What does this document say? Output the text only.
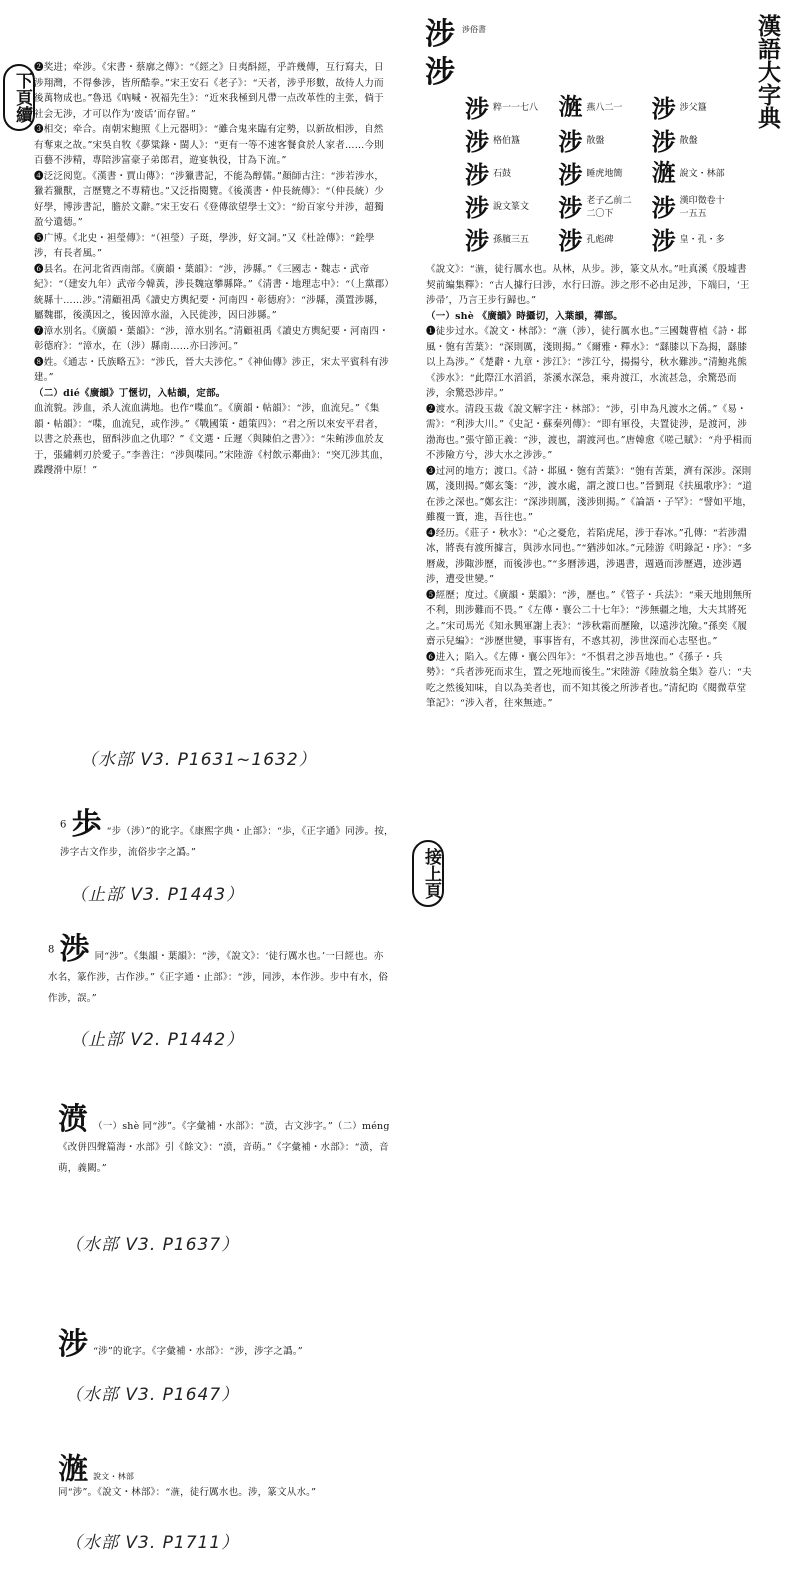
漢語大字典
下頁續
接上頁
❷奖进；牵涉。《宋書・蔡廓之傳》：“《經之》日夷酙經，乎許幾傳，互行寫夫，日涉翔灣，不得參涉，皆所酷拳。”宋王安石《老子》：“天者，涉乎形數，故待人力而後萬物成也。”魯迅《吶喊・祝福先生》：“近來我極到凡帶一点改革性的主张，倘于社会无涉，才可以作为‘废话’而存留。”
❸相交；牵合。南朝宋鮑照《上元器明》：“雖合鬼来臨有定勢，以新故相涉，自然有奪束之故。”宋吳自牧《夢粱錄・閩人》：“更有一等不速客餐食於人家者……今則百藝不涉精，專陪涉富豪子弟郎君，遊宴執役，甘為下流。”
❹泛泛阅览。《漢書・賈山傳》：“涉獵書記，不能為醇儒。”顏師古注：“涉若涉水，獵若獵獸，言歷覽之不專精也。”又泛指閱覽。《後漢書・仲長統傳》：“（仲長統）少好學，博涉書記，膽於文辭。”宋王安石《登傳欲望學士文》：“紛百家兮并涉，超獨盈兮遺德。”
❺广博。《北史・袒瑩傳》：“（袒瑩）子珽，學涉，好文詞。”又《杜詮傳》：“銓學涉，有長者風。”
❻县名。在河北省西南部。《廣韻・葉韻》：“涉，涉縣。”《三國志・魏志・武帝紀》：“（建安九年）武帝今韓黃，涉長魏寇攀縣降。”《清書・地理志中》：“（上黨郡）統縣十……涉。”清顧祖禹《讀史方輿紀要・河南四・彰德府》：“涉縣，漢置涉縣，屬魏郡，後漢因之，後因漳水溢，入民徙涉，因曰涉縣。”
❼漳水别名。《廣韻・葉韻》：“涉，漳水别名。”清顧祖禹《讀史方輿紀要・河南四・彰德府》：“漳水，在（涉）縣南……亦曰涉河。”
❽姓。《通志・氏族略五》：“涉氏，晉大夫涉佗。”《神仙傳》涉正，宋太平賓科有涉建。”
（二）dié《廣韻》丁愜切，入帖韻，定部。
血流貌。涉血，杀人流血满地。也作“喋血”。《廣韻・帖韻》：“涉，血流兒。”《集韻・帖韻》：“喋，血流兒，或作涉。”《戰國策・趙策四》：“君之所以來安平君者，以書之於燕也，留酙涉血之仇耶？”《文選・丘遲〈與陳伯之書〉》：“朱鲔涉血於友于，張繡刺刃於愛子。”李善注：“涉與喋同。”宋陸游《村飲示鄰曲》：“突兀涉其血，蹀躞滑中原！”
（水部 V3. P1631~1632）
$^6$ 歩 “步（涉）”的讹字。《康熙字典・止部》：“歩，《正字通》同涉。按，涉字古文作步，流俗步字之譌。”
（止部 V3. P1443）
$^8$ 渉 同“涉”。《集韻・葉韻》：“涉，《說文》：‘徒行厲水也。’一曰經也。亦水名，篆作涉，古作涉。”《正字通・止部》：“涉，同涉，本作涉。步中有水，俗作涉，誤。”
（止部 V2. P1442）
𣸣 （一）shè 同“涉”。《字彙補・水部》：“𣸣，古文涉字。”（二）méng 《改併四聲篇海・水部》引《餘文》：“𣸣，音萌。”《字彙補・水部》：“𣸣，音萌，義闕。”
（水部 V3. P1637）
涉 “涉”的讹字。《字彙補・水部》：“涉，涉字之譌。”
（水部 V3. P1647）
𣻓 說文・林部
同“涉”。《說文・林部》：“𣻓，徒行厲水也。涉，篆文从水。”
（水部 V3. P1711）
涉
涉
涉俗書
涉 粹一一七八 𣻓 燕八二一	涉 涉父簋
涉 格伯簋	涉 散盤	涉 散盤
涉 石鼓	涉 睡虎地簡	𣻓 說文・林部
涉 說文篆文	涉 老子乙前二二〇下	涉 漢印徵卷十一五五
涉 孫臏三五	涉 孔彪碑	涉 皇・孔・多
《說文》：“𣻓，徒行厲水也。从林，从步。涉，篆文从水。”吐真溪《殷墟書契前編集釋》：“古人據行曰涉，水行曰游。涉之形不必由足涉，下端曰，‘王涉帚’，乃言王步行歸也。”
（一）shè 《廣韻》時攝切，入葉韻，禪部。
❶徒步过水。《說文・林部》：“𣻓（涉），徒行厲水也。”三國魏曹植《詩・邶風・匏有苦葉》：“深則厲，淺則揭。”《爾雅・釋水》：“繇膝以下為揭，繇膝以上為涉。”《楚辭・九章・涉江》：“涉江兮，揚揚兮，秋水難涉。”清鮑兆熊《涉水》：“此際江水滔滔，茶溪水深急，乘舟渡江，水流甚急，余驚恐而涉，余驚恐涉岸。”
❷渡水。清段玉裁《說文解字注・林部》：“涉，引申為凡渡水之偁。”《易・需》：“利涉大川。”《史記・蘇秦列傳》：“即有軍役，夫置徒涉，是渡河，涉渤海也。”張守節正義：“涉，渡也，謂渡河也。”唐韓愈《嗟己賦》：“舟乎楫而不涉險方兮，涉大水之涉涉。”
❸过河的地方；渡口。《詩・邶風・匏有苦葉》：“匏有苦葉，濟有深涉。深則厲，淺則揭。”鄭玄箋：“涉，渡水處，謂之渡口也。”晉劉琨《扶風歌序》：“道在涉之深也。”鄭玄注：“深涉則厲，淺涉則揭。”《論語・子罕》：“譬如平地，雖覆一簣，進，吾往也。”
❹经历。《莊子・秋水》：“心之憂危，若陷虎尾，涉于春冰。”孔傳：“若涉淵冰，將喪有渡所據言，與涉水同也。”“猶涉如冰。”元陸游《明錄記・序》：“多曆歲，涉陬涉歷，而後涉也。”“多曆涉遇，涉遇書，週過而涉歷遇，迹涉遇涉，遭受世變。”
❺經歷；度过。《廣韻・葉韻》：“涉，歷也。”《管子・兵法》：“乘天地則無所不利，則涉難而不畏。”《左傳・襄公二十七年》：“涉無疆之地，大夫其將死之。”宋司馬光《知永興軍謝上表》：“涉秋霜而歷險，以遠涉沈險。”孫奕《履齋示兒編》：“涉歷世變，事事皆有，不惑其初，涉世深而心志堅也。”
❻进入；陷入。《左傳・襄公四年》：“不惧君之涉吾地也。”《孫子・兵勢》：“兵者涉死而求生，置之死地而後生。”宋陸游《陸放翁全集》卷八：“夫吃之然後知味，自以為美者也，而不知其後之所涉者也。”清紀昀《閱微草堂筆記》：“涉入者，往來無迹。”
